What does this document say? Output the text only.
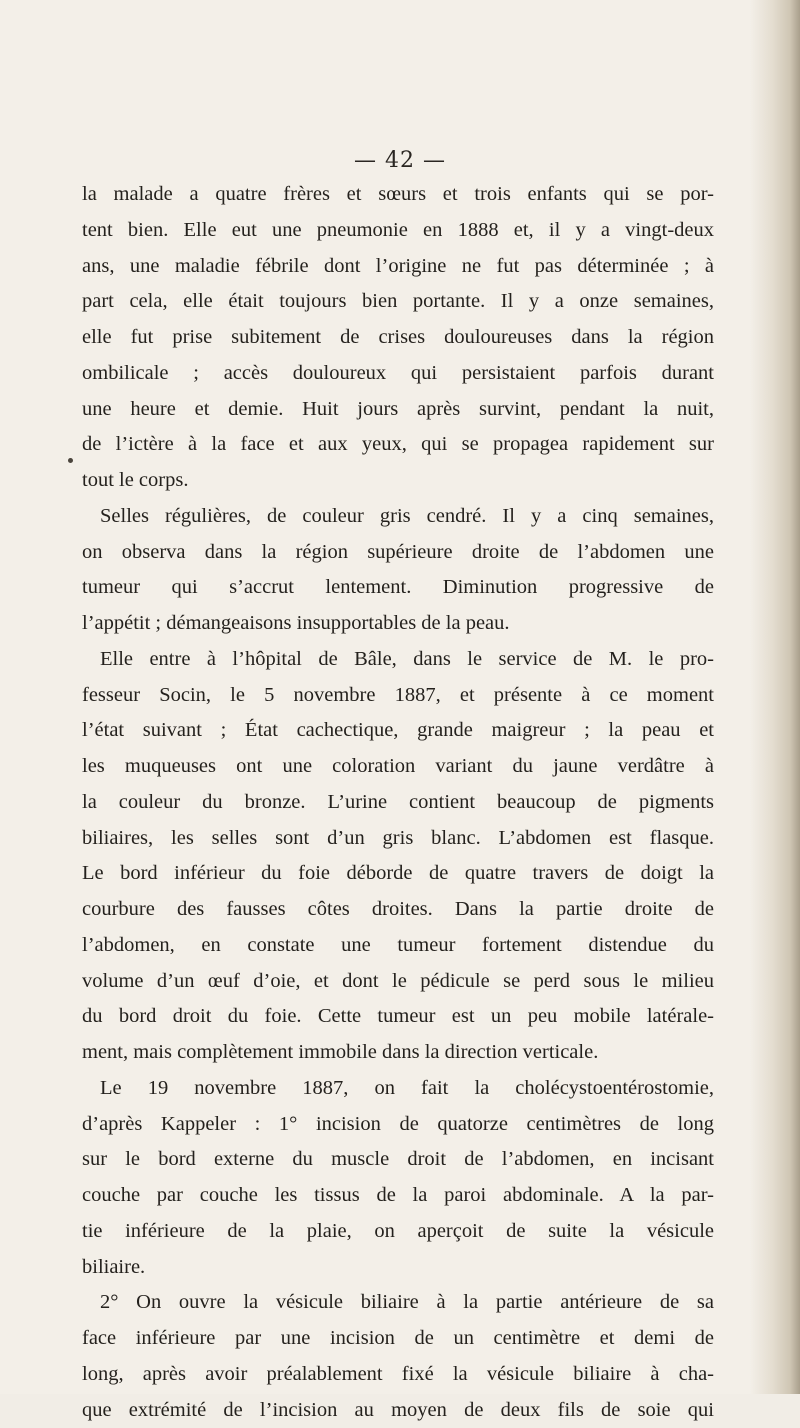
— 42 —
la malade a quatre frères et sœurs et trois enfants qui se por-
tent bien. Elle eut une pneumonie en 1888 et, il y a vingt-deux
ans, une maladie fébrile dont l’origine ne fut pas déterminée ; à
part cela, elle était toujours bien portante. Il y a onze semaines,
elle fut prise subitement de crises douloureuses dans la région
ombilicale ; accès douloureux qui persistaient parfois durant
une heure et demie. Huit jours après survint, pendant la nuit,
de l’ictère à la face et aux yeux, qui se propagea rapidement sur
tout le corps.
Selles régulières, de couleur gris cendré. Il y a cinq semaines,
on observa dans la région supérieure droite de l’abdomen une
tumeur qui s’accrut lentement. Diminution progressive de
l’appétit ; démangeaisons insupportables de la peau.
Elle entre à l’hôpital de Bâle, dans le service de M. le pro-
fesseur Socin, le 5 novembre 1887, et présente à ce moment
l’état suivant ; État cachectique, grande maigreur ; la peau et
les muqueuses ont une coloration variant du jaune verdâtre à
la couleur du bronze. L’urine contient beaucoup de pigments
biliaires, les selles sont d’un gris blanc. L’abdomen est flasque.
Le bord inférieur du foie déborde de quatre travers de doigt la
courbure des fausses côtes droites. Dans la partie droite de
l’abdomen, en constate une tumeur fortement distendue du
volume d’un œuf d’oie, et dont le pédicule se perd sous le milieu
du bord droit du foie. Cette tumeur est un peu mobile latérale-
ment, mais complètement immobile dans la direction verticale.
Le 19 novembre 1887, on fait la cholécystoentérostomie,
d’après Kappeler : 1° incision de quatorze centimètres de long
sur le bord externe du muscle droit de l’abdomen, en incisant
couche par couche les tissus de la paroi abdominale. A la par-
tie inférieure de la plaie, on aperçoit de suite la vésicule
biliaire.
2° On ouvre la vésicule biliaire à la partie antérieure de sa
face inférieure par une incision de un centimètre et demi de
long, après avoir préalablement fixé la vésicule biliaire à cha-
que extrémité de l’incision au moyen de deux fils de soie qui
